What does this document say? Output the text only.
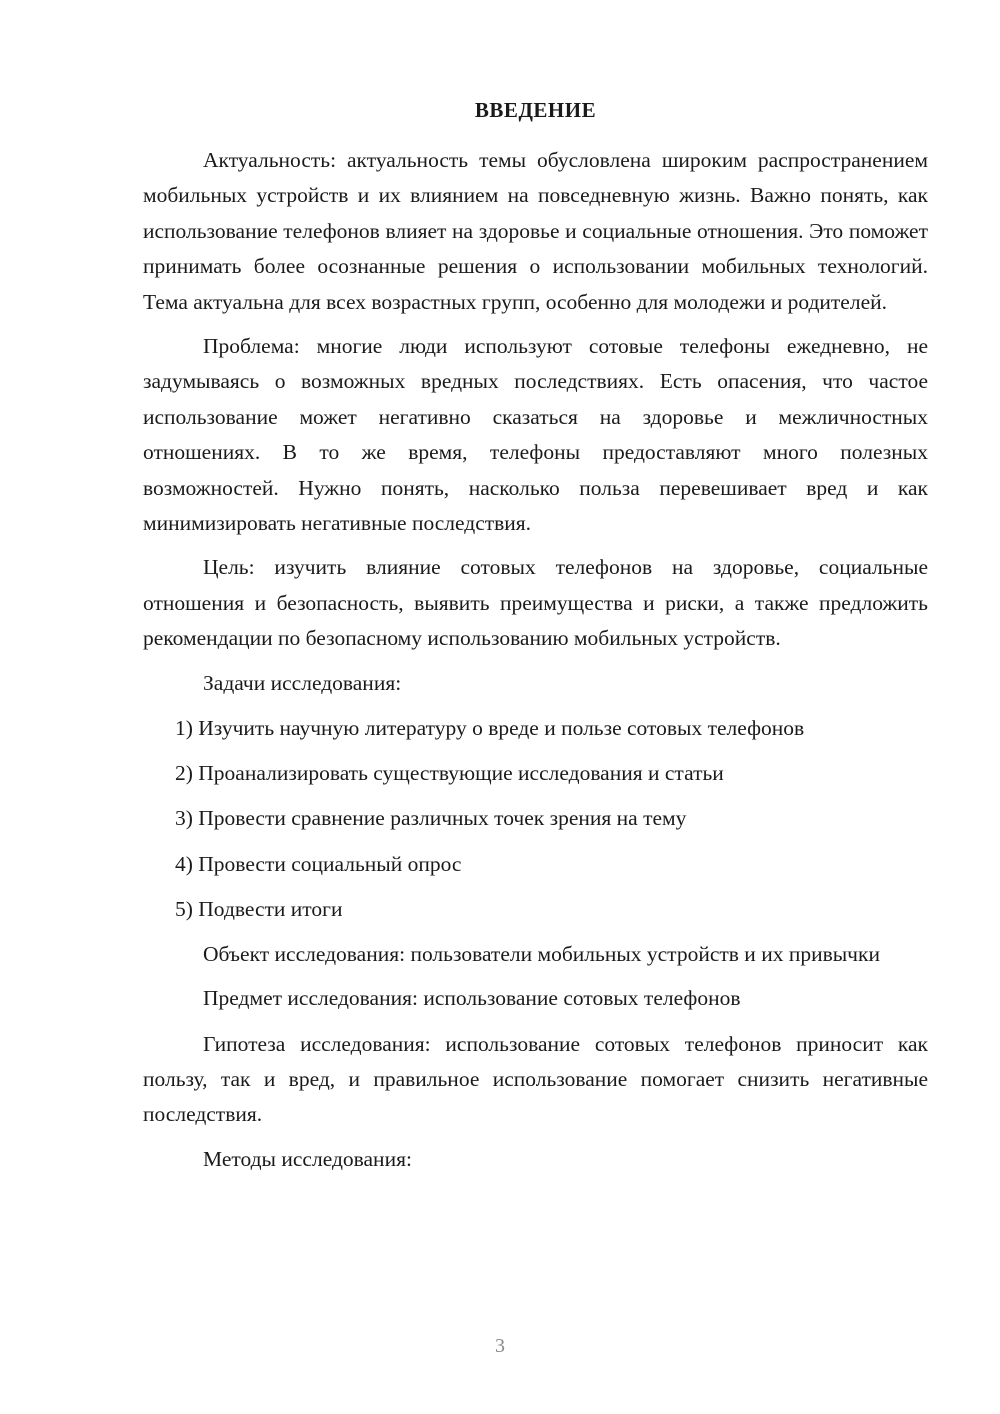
ВВЕДЕНИЕ

Актуальность: актуальность темы обусловлена широким распространением мобильных устройств и их влиянием на повседневную жизнь. Важно понять, как использование телефонов влияет на здоровье и социальные отношения. Это поможет принимать более осознанные решения о использовании мобильных технологий. Тема актуальна для всех возрастных групп, особенно для молодежи и родителей.

Проблема: многие люди используют сотовые телефоны ежедневно, не задумываясь о возможных вредных последствиях. Есть опасения, что частое использование может негативно сказаться на здоровье и межличностных отношениях. В то же время, телефоны предоставляют много полезных возможностей. Нужно понять, насколько польза перевешивает вред и как минимизировать негативные последствия.

Цель: изучить влияние сотовых телефонов на здоровье, социальные отношения и безопасность, выявить преимущества и риски, а также предложить рекомендации по безопасному использованию мобильных устройств.

Задачи исследования:

1) Изучить научную литературу о вреде и пользе сотовых телефонов

2) Проанализировать существующие исследования и статьи

3) Провести сравнение различных точек зрения на тему

4) Провести социальный опрос

5) Подвести итоги

Объект исследования: пользователи мобильных устройств и их привычки

Предмет исследования: использование сотовых телефонов

Гипотеза исследования: использование сотовых телефонов приносит как пользу, так и вред, и правильное использование помогает снизить негативные последствия.

Методы исследования:

3
